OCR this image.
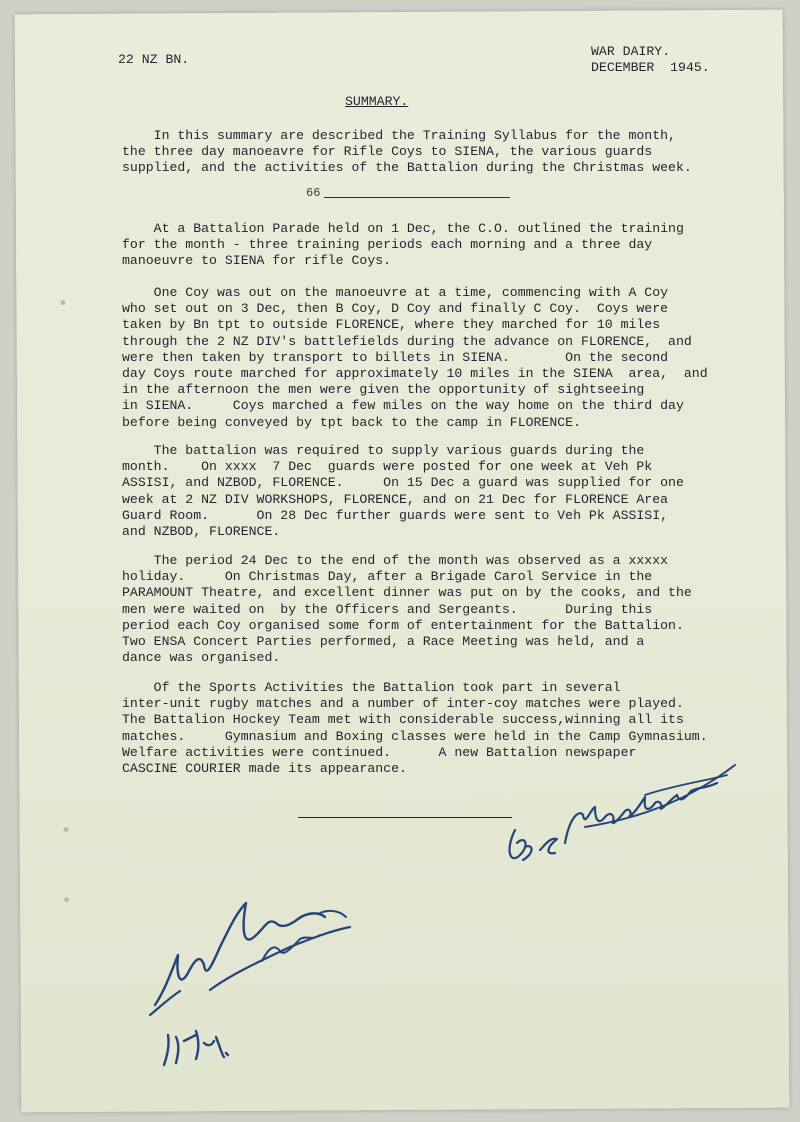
22 NZ BN.
WAR DAIRY.
DECEMBER  1945.
SUMMARY.
In this summary are described the Training Syllabus for the month,
the three day manoeavre for Rifle Coys to SIENA, the various guards
supplied, and the activities of the Battalion during the Christmas week.

66

At a Battalion Parade held on 1 Dec, the C.O. outlined the training
for the month - three training periods each morning and a three day
manoeuvre to SIENA for rifle Coys.
One Coy was out on the manoeuvre at a time, commencing with A Coy
who set out on 3 Dec, then B Coy, D Coy and finally C Coy.  Coys were
taken by Bn tpt to outside FLORENCE, where they marched for 10 miles
through the 2 NZ DIV's battlefields during the advance on FLORENCE,  and
were then taken by transport to billets in SIENA.       On the second
day Coys route marched for approximately 10 miles in the SIENA  area,  and
in the afternoon the men were given the opportunity of sightseeing
in SIENA.     Coys marched a few miles on the way home on the third day
before being conveyed by tpt back to the camp in FLORENCE.
The battalion was required to supply various guards during the
month.    On xxxx  7 Dec  guards were posted for one week at Veh Pk
ASSISI, and NZBOD, FLORENCE.     On 15 Dec a guard was supplied for one
week at 2 NZ DIV WORKSHOPS, FLORENCE, and on 21 Dec for FLORENCE Area
Guard Room.      On 28 Dec further guards were sent to Veh Pk ASSISI,
and NZBOD, FLORENCE.
The period 24 Dec to the end of the month was observed as a xxxxx
holiday.     On Christmas Day, after a Brigade Carol Service in the
PARAMOUNT Theatre, and excellent dinner was put on by the cooks, and the
men were waited on  by the Officers and Sergeants.      During this
period each Coy organised some form of entertainment for the Battalion.
Two ENSA Concert Parties performed, a Race Meeting was held, and a
dance was organised.
Of the Sports Activities the Battalion took part in several
inter-unit rugby matches and a number of inter-coy matches were played.
The Battalion Hockey Team met with considerable success,winning all its
matches.     Gymnasium and Boxing classes were held in the Camp Gymnasium.
Welfare activities were continued.      A new Battalion newspaper
CASCINE COURIER made its appearance.
